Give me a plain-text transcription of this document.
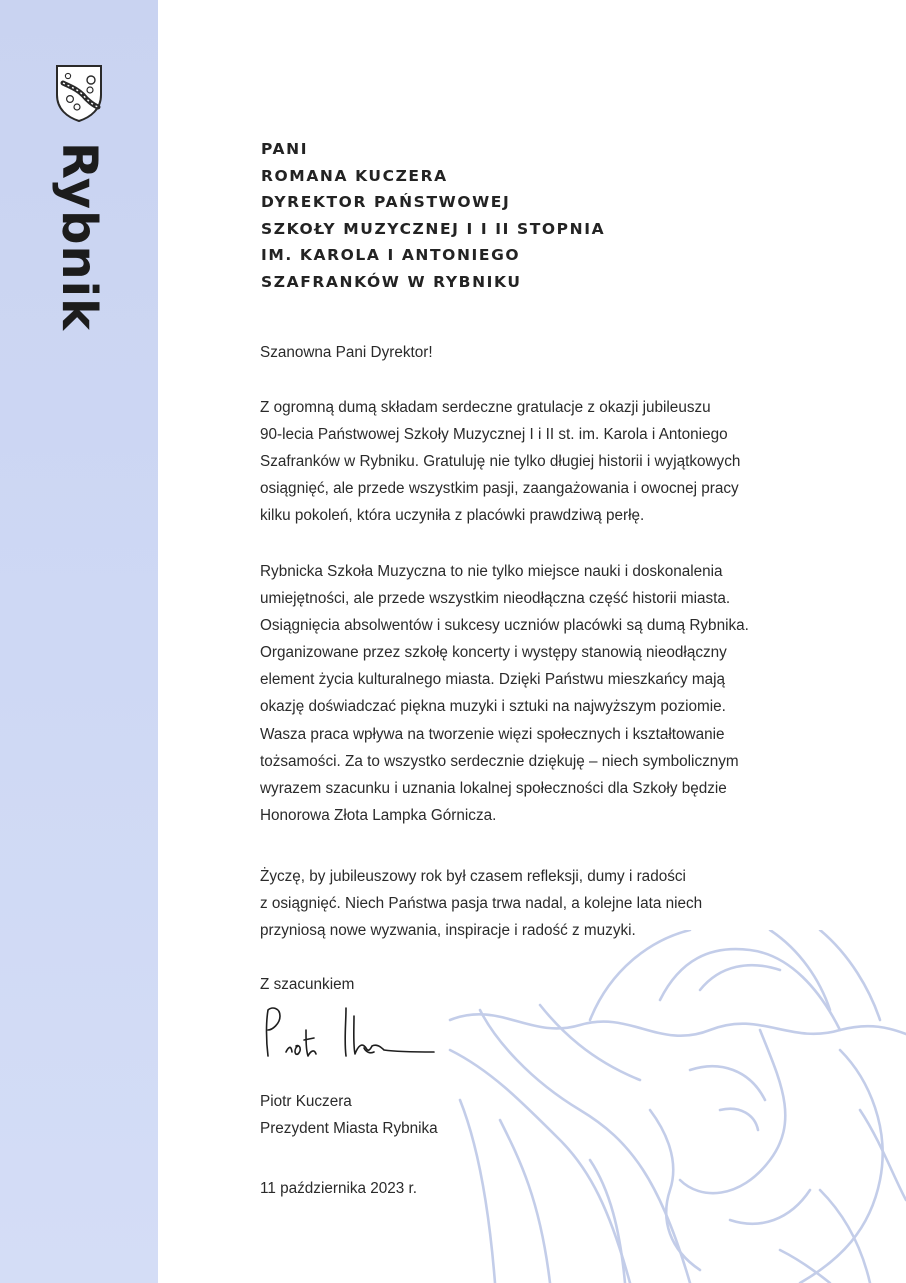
Rybnik	PANI
ROMANA KUCZERA
DYREKTOR PAŃSTWOWEJ
SZKOŁY MUZYCZNEJ I I II STOPNIA
IM. KAROLA I ANTONIEGO
SZAFRANKÓW W RYBNIKU
Szanowna Pani Dyrektor!
Z ogromną dumą składam serdeczne gratulacje z okazji jubileuszu
90-lecia Państwowej Szkoły Muzycznej I i II st. im. Karola i Antoniego
Szafranków w Rybniku. Gratuluję nie tylko długiej historii i wyjątkowych
osiągnięć, ale przede wszystkim pasji, zaangażowania i owocnej pracy
kilku pokoleń, która uczyniła z placówki prawdziwą perłę.
Rybnicka Szkoła Muzyczna to nie tylko miejsce nauki i doskonalenia
umiejętności, ale przede wszystkim nieodłączna część historii miasta.
Osiągnięcia absolwentów i sukcesy uczniów placówki są dumą Rybnika.
Organizowane przez szkołę koncerty i występy stanowią nieodłączny
element życia kulturalnego miasta. Dzięki Państwu mieszkańcy mają
okazję doświadczać piękna muzyki i sztuki na najwyższym poziomie.
Wasza praca wpływa na tworzenie więzi społecznych i kształtowanie
tożsamości. Za to wszystko serdecznie dziękuję – niech symbolicznym
wyrazem szacunku i uznania lokalnej społeczności dla Szkoły będzie
Honorowa Złota Lampka Górnicza.
Życzę, by jubileuszowy rok był czasem refleksji, dumy i radości
z osiągnięć. Niech Państwa pasja trwa nadal, a kolejne lata niech
przyniosą nowe wyzwania, inspiracje i radość z muzyki.
Z szacunkiem
Piotr Kuczera
Prezydent Miasta Rybnika
11 października 2023 r.
